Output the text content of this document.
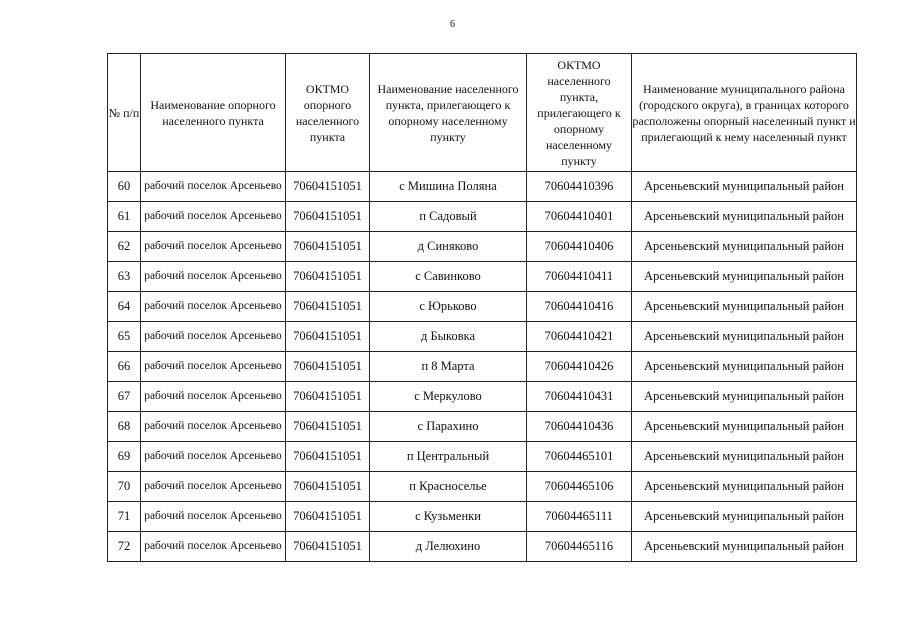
6
№ п/п	Наименование опорного населенного пункта	ОКТМО опорного населенного пункта	Наименование населенного пункта, прилегающего к опорному населенному пункту	ОКТМО населенного пункта, прилегающего к опорному населенному пункту	Наименование муниципального района (городского округа), в границах которого расположены опорный населенный пункт и прилегающий к нему населенный пункт
60	рабочий поселок Арсеньево	70604151051	с Мишина Поляна	70604410396	Арсеньевский муниципальный район
61	рабочий поселок Арсеньево	70604151051	п Садовый	70604410401	Арсеньевский муниципальный район
62	рабочий поселок Арсеньево	70604151051	д Синяково	70604410406	Арсеньевский муниципальный район
63	рабочий поселок Арсеньево	70604151051	с Савинково	70604410411	Арсеньевский муниципальный район
64	рабочий поселок Арсеньево	70604151051	с Юрьково	70604410416	Арсеньевский муниципальный район
65	рабочий поселок Арсеньево	70604151051	д Быковка	70604410421	Арсеньевский муниципальный район
66	рабочий поселок Арсеньево	70604151051	п 8 Марта	70604410426	Арсеньевский муниципальный район
67	рабочий поселок Арсеньево	70604151051	с Меркулово	70604410431	Арсеньевский муниципальный район
68	рабочий поселок Арсеньево	70604151051	с Парахино	70604410436	Арсеньевский муниципальный район
69	рабочий поселок Арсеньево	70604151051	п Центральный	70604465101	Арсеньевский муниципальный район
70	рабочий поселок Арсеньево	70604151051	п Красноселье	70604465106	Арсеньевский муниципальный район
71	рабочий поселок Арсеньево	70604151051	с Кузьменки	70604465111	Арсеньевский муниципальный район
72	рабочий поселок Арсеньево	70604151051	д Лелюхино	70604465116	Арсеньевский муниципальный район
